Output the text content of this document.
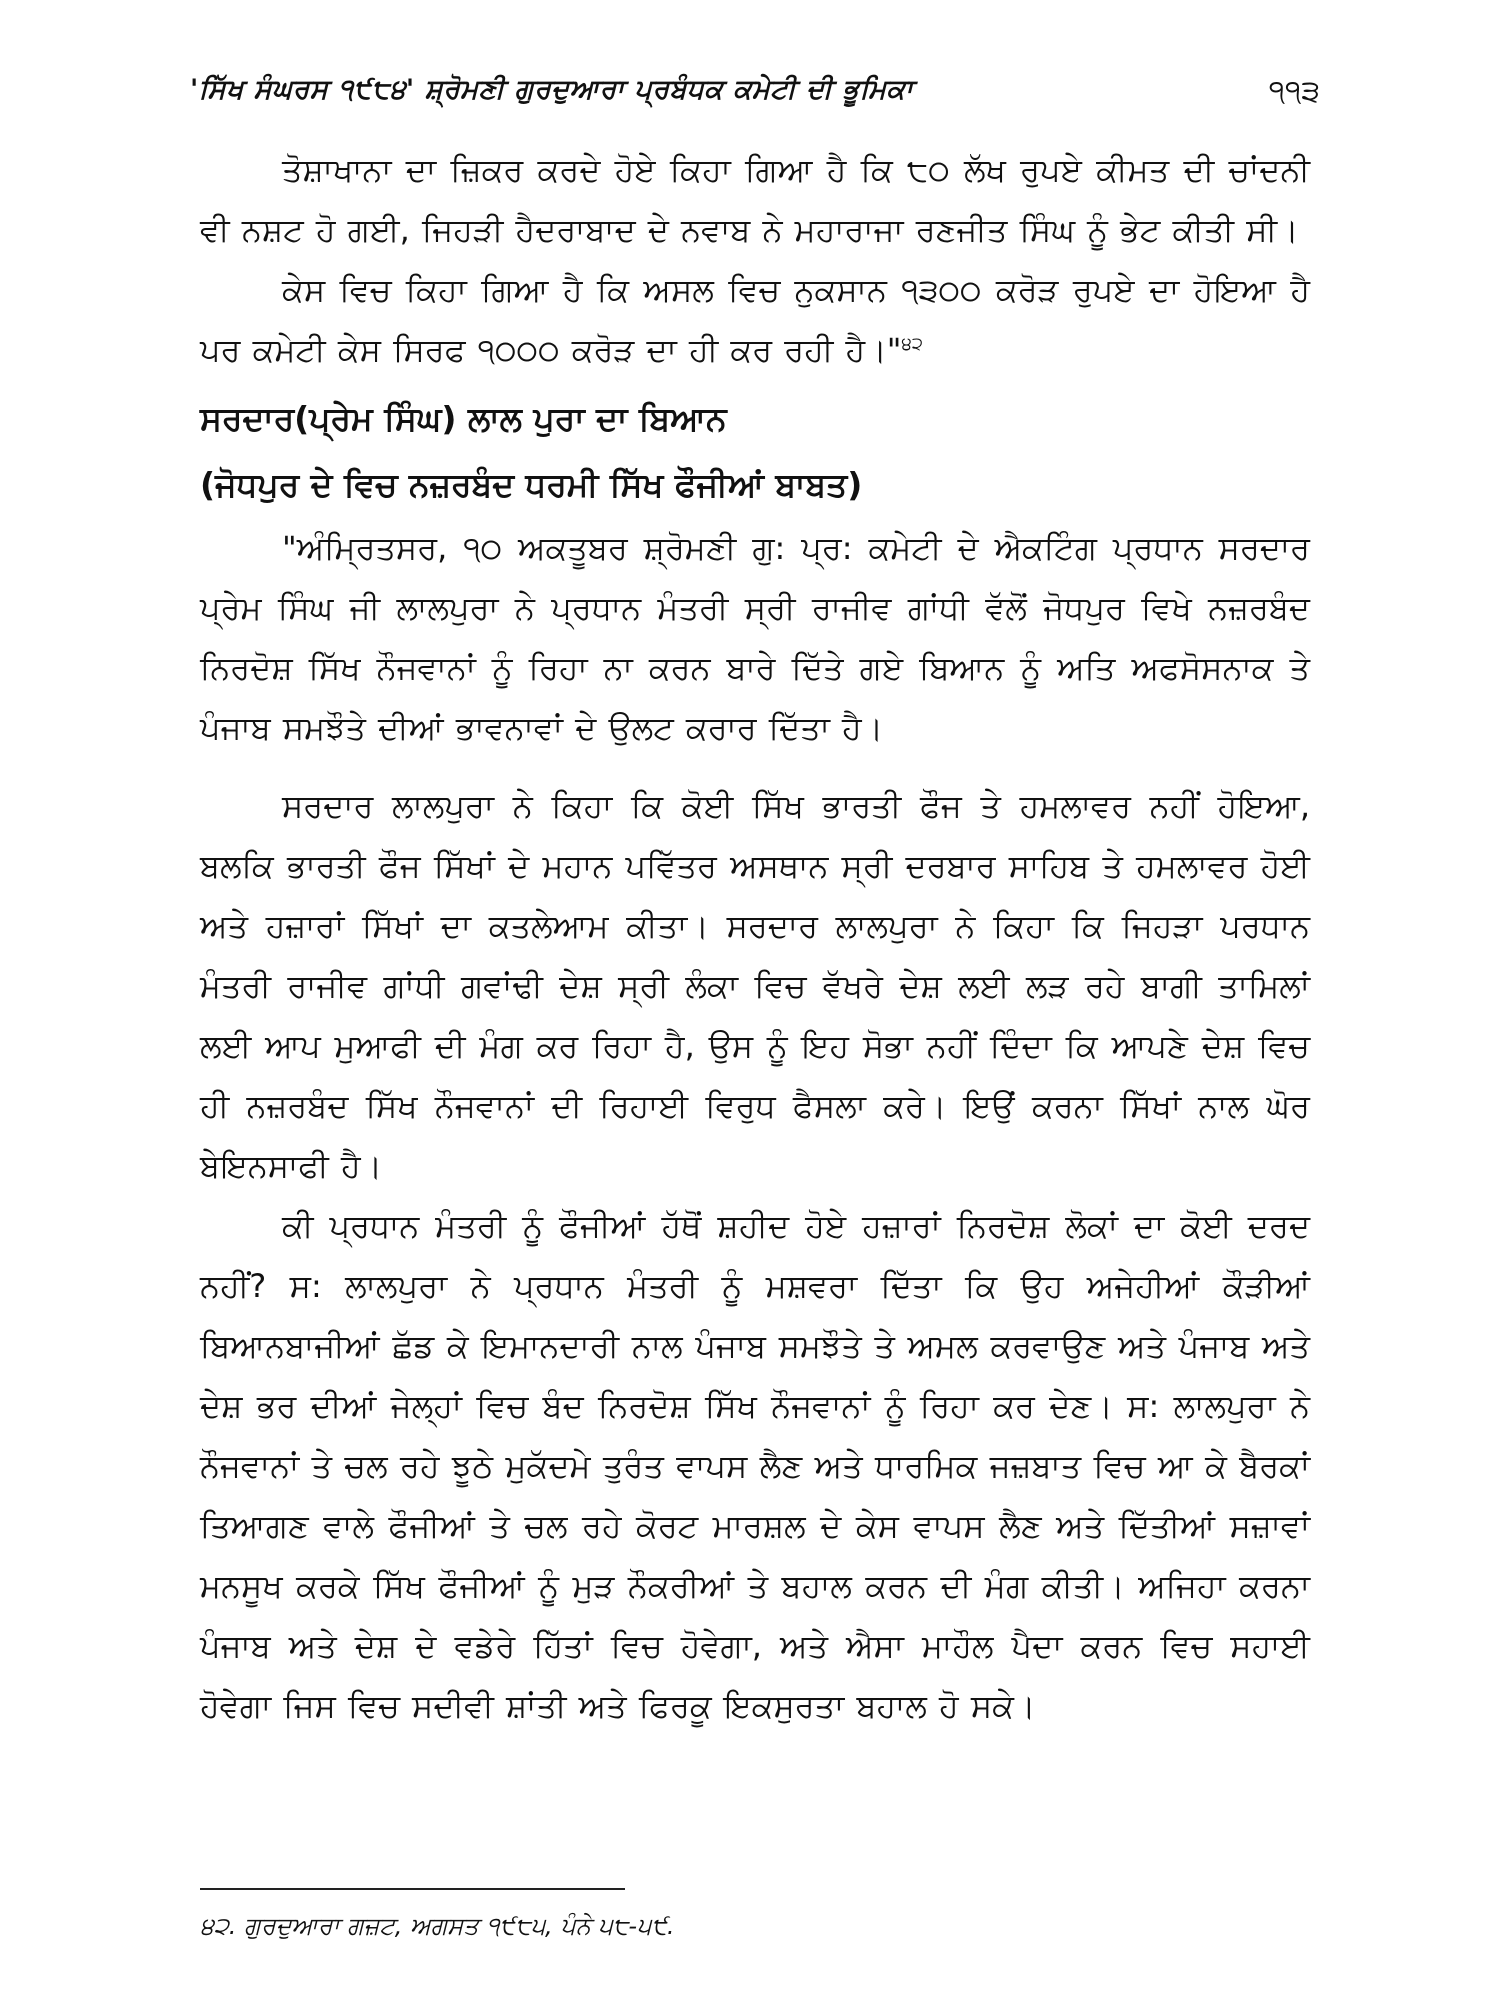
'ਸਿੱਖ ਸੰਘਰਸ ੧੯੮੪' ਸ਼੍ਰੋਮਣੀ ਗੁਰਦੁਆਰਾ ਪ੍ਰਬੰਧਕ ਕਮੇਟੀ ਦੀ ਭੂਮਿਕਾ	੧੧੩

ਤੋਸ਼ਾਖਾਨਾ ਦਾ ਜ਼ਿਕਰ ਕਰਦੇ ਹੋਏ ਕਿਹਾ ਗਿਆ ਹੈ ਕਿ ੮੦ ਲੱਖ ਰੁਪਏ ਕੀਮਤ ਦੀ ਚਾਂਦਨੀ ਵੀ ਨਸ਼ਟ ਹੋ ਗਈ, ਜਿਹੜੀ ਹੈਦਰਾਬਾਦ ਦੇ ਨਵਾਬ ਨੇ ਮਹਾਰਾਜਾ ਰਣਜੀਤ ਸਿੰਘ ਨੂੰ ਭੇਟ ਕੀਤੀ ਸੀ।

ਕੇਸ ਵਿਚ ਕਿਹਾ ਗਿਆ ਹੈ ਕਿ ਅਸਲ ਵਿਚ ਨੁਕਸਾਨ ੧੩੦੦ ਕਰੋੜ ਰੁਪਏ ਦਾ ਹੋਇਆ ਹੈ ਪਰ ਕਮੇਟੀ ਕੇਸ ਸਿਰਫ ੧੦੦੦ ਕਰੋੜ ਦਾ ਹੀ ਕਰ ਰਹੀ ਹੈ।"$^{੪੨}$

ਸਰਦਾਰ(ਪ੍ਰੇਮ ਸਿੰਘ) ਲਾਲ ਪੁਰਾ ਦਾ ਬਿਆਨ
(ਜੋਧਪੁਰ ਦੇ ਵਿਚ ਨਜ਼ਰਬੰਦ ਧਰਮੀ ਸਿੱਖ ਫੌਜੀਆਂ ਬਾਬਤ)

"ਅੰਮ੍ਰਿਤਸਰ, ੧੦ ਅਕਤੂਬਰ ਸ਼੍ਰੋਮਣੀ ਗੁ: ਪ੍ਰ: ਕਮੇਟੀ ਦੇ ਐਕਟਿੰਗ ਪ੍ਰਧਾਨ ਸਰਦਾਰ ਪ੍ਰੇਮ ਸਿੰਘ ਜੀ ਲਾਲਪੁਰਾ ਨੇ ਪ੍ਰਧਾਨ ਮੰਤਰੀ ਸ੍ਰੀ ਰਾਜੀਵ ਗਾਂਧੀ ਵੱਲੋਂ ਜੋਧਪੁਰ ਵਿਖੇ ਨਜ਼ਰਬੰਦ ਨਿਰਦੋਸ਼ ਸਿੱਖ ਨੌਜਵਾਨਾਂ ਨੂੰ ਰਿਹਾ ਨਾ ਕਰਨ ਬਾਰੇ ਦਿੱਤੇ ਗਏ ਬਿਆਨ ਨੂੰ ਅਤਿ ਅਫਸੋਸਨਾਕ ਤੇ ਪੰਜਾਬ ਸਮਝੌਤੇ ਦੀਆਂ ਭਾਵਨਾਵਾਂ ਦੇ ਉਲਟ ਕਰਾਰ ਦਿੱਤਾ ਹੈ।

ਸਰਦਾਰ ਲਾਲਪੁਰਾ ਨੇ ਕਿਹਾ ਕਿ ਕੋਈ ਸਿੱਖ ਭਾਰਤੀ ਫੌਜ ਤੇ ਹਮਲਾਵਰ ਨਹੀਂ ਹੋਇਆ, ਬਲਕਿ ਭਾਰਤੀ ਫੌਜ ਸਿੱਖਾਂ ਦੇ ਮਹਾਨ ਪਵਿੱਤਰ ਅਸਥਾਨ ਸ੍ਰੀ ਦਰਬਾਰ ਸਾਹਿਬ ਤੇ ਹਮਲਾਵਰ ਹੋਈ ਅਤੇ ਹਜ਼ਾਰਾਂ ਸਿੱਖਾਂ ਦਾ ਕਤਲੇਆਮ ਕੀਤਾ। ਸਰਦਾਰ ਲਾਲਪੁਰਾ ਨੇ ਕਿਹਾ ਕਿ ਜਿਹੜਾ ਪਰਧਾਨ ਮੰਤਰੀ ਰਾਜੀਵ ਗਾਂਧੀ ਗਵਾਂਢੀ ਦੇਸ਼ ਸ੍ਰੀ ਲੰਕਾ ਵਿਚ ਵੱਖਰੇ ਦੇਸ਼ ਲਈ ਲੜ ਰਹੇ ਬਾਗੀ ਤਾਮਿਲਾਂ ਲਈ ਆਪ ਮੁਆਫੀ ਦੀ ਮੰਗ ਕਰ ਰਿਹਾ ਹੈ, ਉਸ ਨੂੰ ਇਹ ਸੋਭਾ ਨਹੀਂ ਦਿੰਦਾ ਕਿ ਆਪਣੇ ਦੇਸ਼ ਵਿਚ ਹੀ ਨਜ਼ਰਬੰਦ ਸਿੱਖ ਨੌਜਵਾਨਾਂ ਦੀ ਰਿਹਾਈ ਵਿਰੁਧ ਫੈਸਲਾ ਕਰੇ। ਇਉਂ ਕਰਨਾ ਸਿੱਖਾਂ ਨਾਲ ਘੋਰ ਬੇਇਨਸਾਫੀ ਹੈ।

ਕੀ ਪ੍ਰਧਾਨ ਮੰਤਰੀ ਨੂੰ ਫੌਜੀਆਂ ਹੱਥੋਂ ਸ਼ਹੀਦ ਹੋਏ ਹਜ਼ਾਰਾਂ ਨਿਰਦੋਸ਼ ਲੋਕਾਂ ਦਾ ਕੋਈ ਦਰਦ ਨਹੀਂ? ਸ: ਲਾਲਪੁਰਾ ਨੇ ਪ੍ਰਧਾਨ ਮੰਤਰੀ ਨੂੰ ਮਸ਼ਵਰਾ ਦਿੱਤਾ ਕਿ ਉਹ ਅਜੇਹੀਆਂ ਕੌੜੀਆਂ ਬਿਆਨਬਾਜੀਆਂ ਛੱਡ ਕੇ ਇਮਾਨਦਾਰੀ ਨਾਲ ਪੰਜਾਬ ਸਮਝੌਤੇ ਤੇ ਅਮਲ ਕਰਵਾਉਣ ਅਤੇ ਪੰਜਾਬ ਅਤੇ ਦੇਸ਼ ਭਰ ਦੀਆਂ ਜੇਲ੍ਹਾਂ ਵਿਚ ਬੰਦ ਨਿਰਦੋਸ਼ ਸਿੱਖ ਨੌਜਵਾਨਾਂ ਨੂੰ ਰਿਹਾ ਕਰ ਦੇਣ। ਸ: ਲਾਲਪੁਰਾ ਨੇ ਨੌਜਵਾਨਾਂ ਤੇ ਚਲ ਰਹੇ ਝੂਠੇ ਮੁਕੱਦਮੇ ਤੁਰੰਤ ਵਾਪਸ ਲੈਣ ਅਤੇ ਧਾਰਮਿਕ ਜਜ਼ਬਾਤ ਵਿਚ ਆ ਕੇ ਬੈਰਕਾਂ ਤਿਆਗਣ ਵਾਲੇ ਫੌਜੀਆਂ ਤੇ ਚਲ ਰਹੇ ਕੋਰਟ ਮਾਰਸ਼ਲ ਦੇ ਕੇਸ ਵਾਪਸ ਲੈਣ ਅਤੇ ਦਿੱਤੀਆਂ ਸਜ਼ਾਵਾਂ ਮਨਸੂਖ ਕਰਕੇ ਸਿੱਖ ਫੌਜੀਆਂ ਨੂੰ ਮੁੜ ਨੌਕਰੀਆਂ ਤੇ ਬਹਾਲ ਕਰਨ ਦੀ ਮੰਗ ਕੀਤੀ। ਅਜਿਹਾ ਕਰਨਾ ਪੰਜਾਬ ਅਤੇ ਦੇਸ਼ ਦੇ ਵਡੇਰੇ ਹਿੱਤਾਂ ਵਿਚ ਹੋਵੇਗਾ, ਅਤੇ ਐਸਾ ਮਾਹੌਲ ਪੈਦਾ ਕਰਨ ਵਿਚ ਸਹਾਈ ਹੋਵੇਗਾ ਜਿਸ ਵਿਚ ਸਦੀਵੀ ਸ਼ਾਂਤੀ ਅਤੇ ਫਿਰਕੂ ਇਕਸੁਰਤਾ ਬਹਾਲ ਹੋ ਸਕੇ।

੪੨. ਗੁਰਦੁਆਰਾ ਗਜ਼ਟ, ਅਗਸਤ ੧੯੮੫, ਪੰਨੇ ੫੮-੫੯.
